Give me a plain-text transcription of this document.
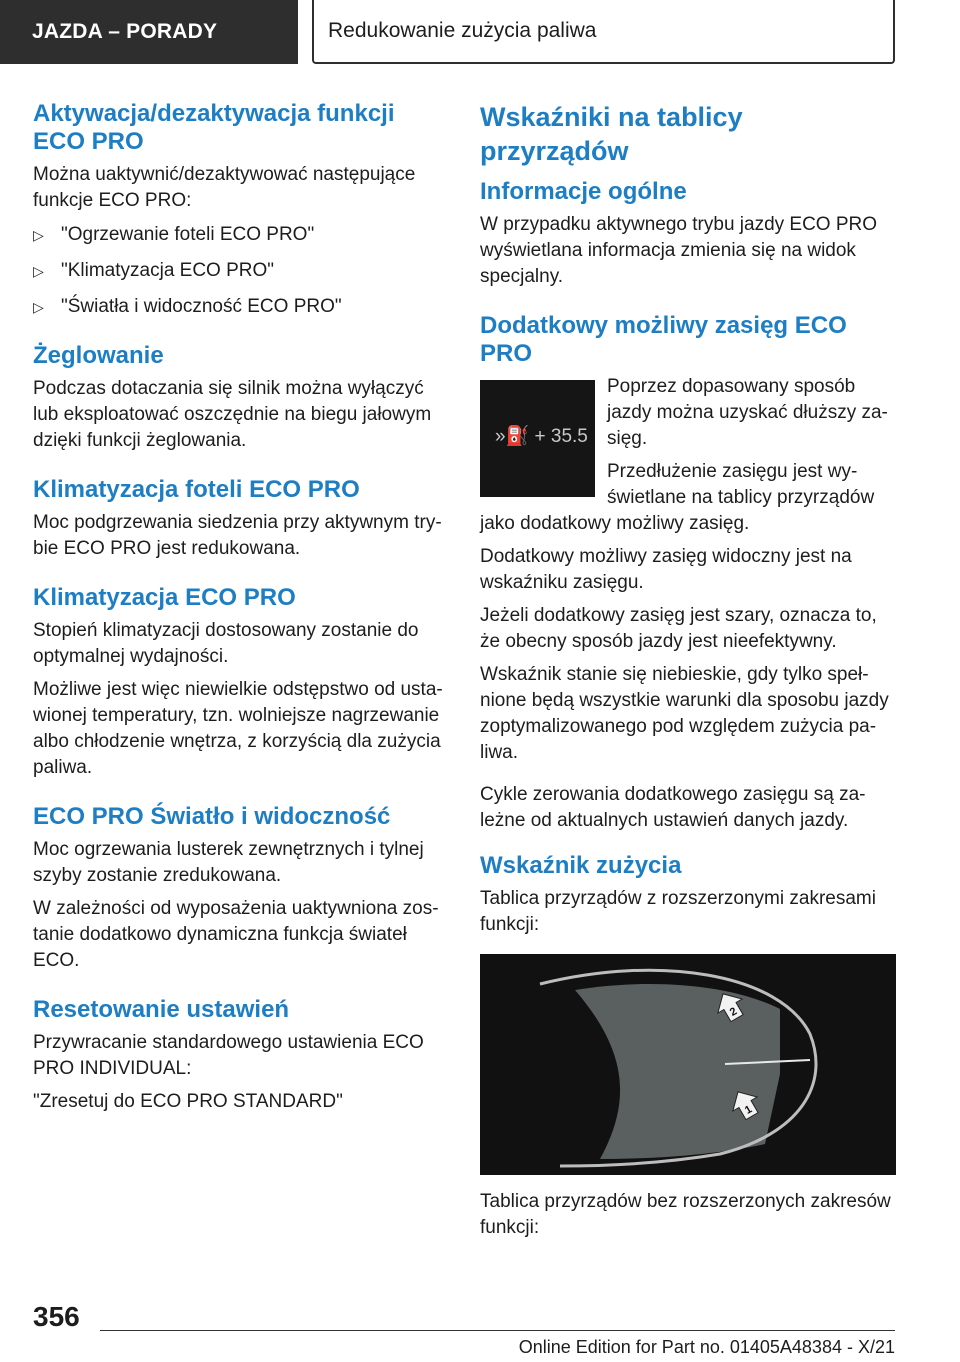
JAZDA – PORADY	Redukowanie zużycia paliwa
Aktywacja/dezaktywacja funkcji ECO PRO

Można uaktywnić/dezaktywować następujące funkcje ECO PRO:

▷ "Ogrzewanie foteli ECO PRO"
▷ "Klimatyzacja ECO PRO"
▷ "Światła i widoczność ECO PRO"
Żeglowanie

Podczas dotaczania się silnik można wyłączyć lub eksploatować oszczędnie na biegu jałowym dzięki funkcji żeglowania.

Klimatyzacja foteli ECO PRO

Moc podgrzewania siedzenia przy aktywnym try-bie ECO PRO jest redukowana.

Klimatyzacja ECO PRO

Stopień klimatyzacji dostosowany zostanie do optymalnej wydajności.

Możliwe jest więc niewielkie odstępstwo od usta-wionej temperatury, tzn. wolniejsze nagrzewanie albo chłodzenie wnętrza, z korzyścią dla zużycia paliwa.

ECO PRO Światło i widoczność

Moc ogrzewania lusterek zewnętrznych i tylnej szyby zostanie zredukowana.

W zależności od wyposażenia uaktywniona zos-tanie dodatkowo dynamiczna funkcja świateł ECO.

Resetowanie ustawień

Przywracanie standardowego ustawienia ECO PRO INDIVIDUAL:

"Zresetuj do ECO PRO STANDARD"

Wskaźniki na tablicy przyrządów
Informacje ogólne

W przypadku aktywnego trybu jazdy ECO PRO wyświetlana informacja zmienia się na widok specjalny.

Dodatkowy możliwy zasięg ECO PRO
»⛽ + 35.5

Poprzez dopasowany sposób jazdy można uzyskać dłuższy za-sięg.

Przedłużenie zasięgu jest wy-świetlane na tablicy przyrządów jako dodatkowy możliwy zasięg.

Dodatkowy możliwy zasięg widoczny jest na wskaźniku zasięgu.

Jeżeli dodatkowy zasięg jest szary, oznacza to, że obecny sposób jazdy jest nieefektywny.

Wskaźnik stanie się niebieskie, gdy tylko speł-nione będą wszystkie warunki dla sposobu jazdy zoptymalizowanego pod względem zużycia pa-liwa.

Cykle zerowania dodatkowego zasięgu są za-leżne od aktualnych ustawień danych jazdy.

Wskaźnik zużycia

Tablica przyrządów z rozszerzonymi zakresami funkcji:

2
1

Tablica przyrządów bez rozszerzonych zakresów funkcji:

356
Online Edition for Part no. 01405A48384 - X/21
